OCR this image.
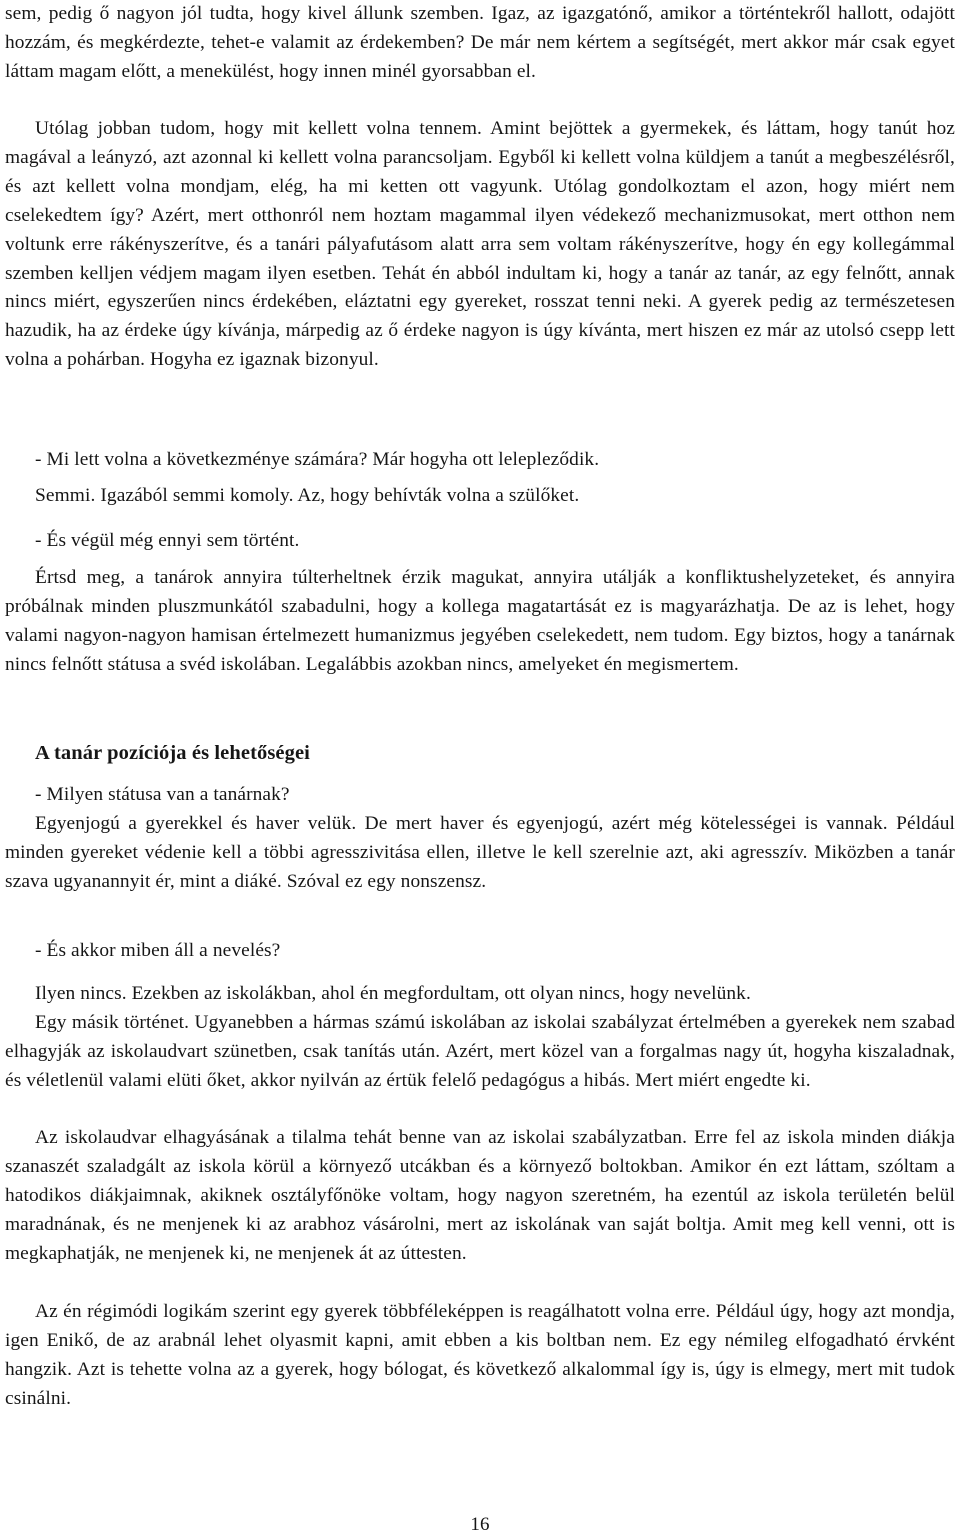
sem, pedig ő nagyon jól tudta, hogy kivel állunk szemben. Igaz, az igazgatónő, amikor a történtekről hallott, odajött hozzám, és megkérdezte, tehet-e valamit az érdekemben? De már nem kértem a segítségét, mert akkor már csak egyet láttam magam előtt, a menekülést, hogy innen minél gyorsabban el.

Utólag jobban tudom, hogy mit kellett volna tennem. Amint bejöttek a gyermekek, és láttam, hogy tanút hoz magával a leányzó, azt azonnal ki kellett volna parancsoljam. Egyből ki kellett volna küldjem a tanút a megbeszélésről, és azt kellett volna mondjam, elég, ha mi ketten ott vagyunk. Utólag gondolkoztam el azon, hogy miért nem cselekedtem így? Azért, mert otthonról nem hoztam magammal ilyen védekező mechanizmusokat, mert otthon nem voltunk erre rákényszerítve, és a tanári pályafutásom alatt arra sem voltam rákényszerítve, hogy én egy kollegámmal szemben kelljen védjem magam ilyen esetben. Tehát én abból indultam ki, hogy a tanár az tanár, az egy felnőtt, annak nincs miért, egyszerűen nincs érdekében, eláztatni egy gyereket, rosszat tenni neki. A gyerek pedig az természetesen hazudik, ha az érdeke úgy kívánja, márpedig az ő érdeke nagyon is úgy kívánta, mert hiszen ez már az utolsó csepp lett volna a pohárban. Hogyha ez igaznak bizonyul.

- Mi lett volna a következménye számára? Már hogyha ott lelepleződik.

Semmi. Igazából semmi komoly. Az, hogy behívták volna a szülőket.

- És végül még ennyi sem történt.

Értsd meg, a tanárok annyira túlterheltnek érzik magukat, annyira utálják a konfliktushelyzeteket, és annyira próbálnak minden pluszmunkától szabadulni, hogy a kollega magatartását ez is magyarázhatja. De az is lehet, hogy valami nagyon-nagyon hamisan értelmezett humanizmus jegyében cselekedett, nem tudom. Egy biztos, hogy a tanárnak nincs felnőtt státusa a svéd iskolában. Legalábbis azokban nincs, amelyeket én megismertem.

A tanár pozíciója és lehetőségei

- Milyen státusa van a tanárnak?

Egyenjogú a gyerekkel és haver velük. De mert haver és egyenjogú, azért még kötelességei is vannak. Például minden gyereket védenie kell a többi agresszivitása ellen, illetve le kell szerelnie azt, aki agresszív. Miközben a tanár szava ugyanannyit ér, mint a diáké. Szóval ez egy nonszensz.

- És akkor miben áll a nevelés?

Ilyen nincs. Ezekben az iskolákban, ahol én megfordultam, ott olyan nincs, hogy nevelünk.

Egy másik történet. Ugyanebben a hármas számú iskolában az iskolai szabályzat értelmében a gyerekek nem szabad elhagyják az iskolaudvart szünetben, csak tanítás után. Azért, mert közel van a forgalmas nagy út, hogyha kiszaladnak, és véletlenül valami elüti őket, akkor nyilván az értük felelő pedagógus a hibás. Mert miért engedte ki.

Az iskolaudvar elhagyásának a tilalma tehát benne van az iskolai szabályzatban. Erre fel az iskola minden diákja szanaszét szaladgált az iskola körül a környező utcákban és a környező boltokban. Amikor én ezt láttam, szóltam a hatodikos diákjaimnak, akiknek osztályfőnöke voltam, hogy nagyon szeretném, ha ezentúl az iskola területén belül maradnának, és ne menjenek ki az arabhoz vásárolni, mert az iskolának van saját boltja. Amit meg kell venni, ott is megkaphatják, ne menjenek ki, ne menjenek át az úttesten.

Az én régimódi logikám szerint egy gyerek többféleképpen is reagálhatott volna erre. Például úgy, hogy azt mondja, igen Enikő, de az arabnál lehet olyasmit kapni, amit ebben a kis boltban nem. Ez egy némileg elfogadható érvként hangzik. Azt is tehette volna az a gyerek, hogy bólogat, és következő alkalommal így is, úgy is elmegy, mert mit tudok csinálni.

16
